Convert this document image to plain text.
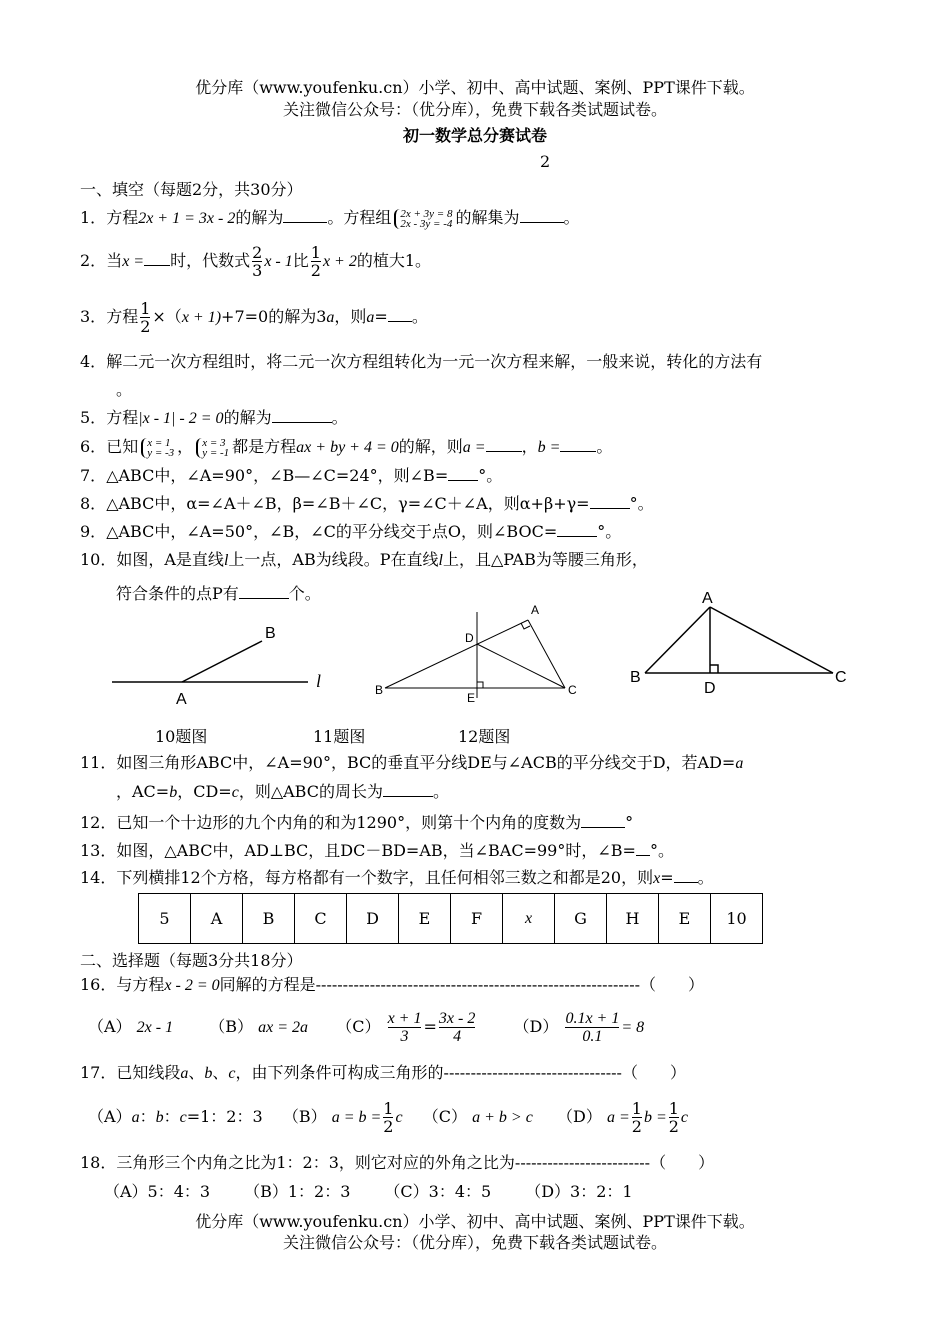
优分库（www.youfenku.cn）小学、初中、高中试题、案例、PPT课件下载。
关注微信公众号：（优分库），免费下载各类试题试卷。
初一数学总分赛试卷
2
一、填空（每题2分，共30分）
1．方程2x + 1 = 3x - 2的解为	。方程组 2x + 3y = 8
2x - 3y = -4 的解集为	。
2．当x = 时，代数式 $\frac{2}{3}$ x - 1比 $\frac{1}{2}$ x + 2的植大1。
3．方程 $\frac{1}{2} \times(x + 1)+7=0$的解为3a，则a= 。
4．解二元一次方程组时，将二元一次方程组转化为一元一次方程来解，一般来说，转化的方法有
。
5．方程|x - 1| - 2 = 0的解为	。
6．已知 x = 1
y = -3 ， x = 3
y = -1 都是方程ax + by + 4 = 0的解，则a = ，b = 。
7．△ABC中，∠A=90°，∠B—∠C=24°，则∠B= °。
8．△ABC中，α=∠A＋∠B，β=∠B＋∠C，γ=∠C＋∠A，则α+β+γ=	°。
9．△ABC中，∠A=50°，∠B，∠C的平分线交于点O，则∠BOC=	°。
10．如图，A是直线l上一点，AB为线段。P在直线l上，且△PAB为等腰三角形，
符合条件的点P有	个。
B
A
l
A
D
B
E
C
A
B
D
C
10题图	11题图	12题图
11．如图三角形ABC中，∠A=90°，BC的垂直平分线DE与∠ACB的平分线交于D，若AD=a
，AC=b，CD=c，则△ABC的周长为	。
12．已知一个十边形的九个内角的和为1290°，则第十个内角的度数为	°
13．如图，△ABC中，AD⊥BC，且DC－BD=AB，当∠BAC=99°时，∠B= °。
14．下列横排12个方格，每方格都有一个数字，且任何相邻三数之和都是20，则x= 。
5	A	B	C	D	E	F	x	G	H	E	10
二、选择题（每题3分共18分）
16．与方程x - 2 = 0同解的方程是------------------------------------------------------------（　　）
（A） 2x - 1 （B） ax = 2a $(C) \frac{x + 1}{3} = \frac{3x - 2}{4} (D) \frac{0.1x + 1}{0.1} = 8$
17．已知线段a、b、c，由下列条件可构成三角形的---------------------------------（　　）
（A）a：b：c=1：2：3 （B） $a = b = \frac{1}{2}$ c （C） a + b > c （D） $a = \frac{1}{2}$ $b = \frac{1}{2}$ c
18．三角形三个内角之比为1：2：3，则它对应的外角之比为-------------------------（　　）
（A）5：4：3 （B）1：2：3 （C）3：4：5 （D）3：2：1
优分库（www.youfenku.cn）小学、初中、高中试题、案例、PPT课件下载。
关注微信公众号：（优分库），免费下载各类试题试卷。
